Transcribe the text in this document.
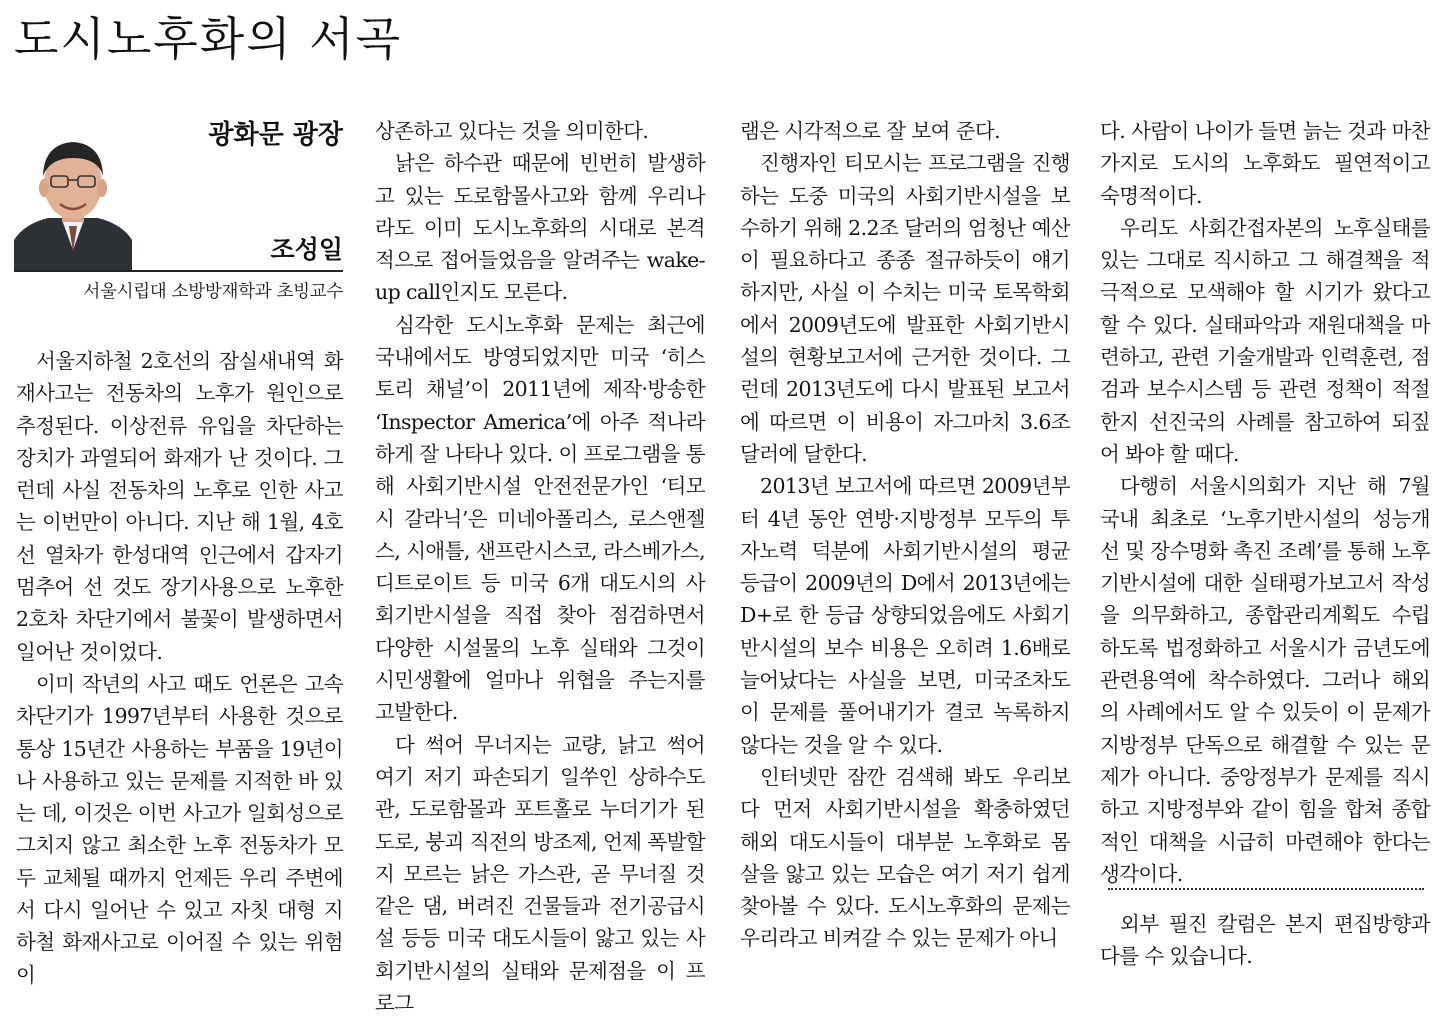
도시노후화의 서곡
광화문 광장
조성일
서울시립대 소방방재학과 초빙교수

서울지하철 2호선의 잠실새내역 화재사고는 전동차의 노후가 원인으로 추정된다. 이상전류 유입을 차단하는 장치가 과열되어 화재가 난 것이다. 그런데 사실 전동차의 노후로 인한 사고는 이번만이 아니다. 지난 해 1월, 4호선 열차가 한성대역 인근에서 갑자기 멈추어 선 것도 장기사용으로 노후한 2호차 차단기에서 불꽃이 발생하면서 일어난 것이었다.

이미 작년의 사고 때도 언론은 고속 차단기가 1997년부터 사용한 것으로 통상 15년간 사용하는 부품을 19년이나 사용하고 있는 문제를 지적한 바 있는 데, 이것은 이번 사고가 일회성으로 그치지 않고 최소한 노후 전동차가 모두 교체될 때까지 언제든 우리 주변에서 다시 일어난 수 있고 자칫 대형 지하철 화재사고로 이어질 수 있는 위험이

상존하고 있다는 것을 의미한다.

낡은 하수관 때문에 빈번히 발생하고 있는 도로함몰사고와 함께 우리나라도 이미 도시노후화의 시대로 본격적으로 접어들었음을 알려주는 wake-up call인지도 모른다.

심각한 도시노후화 문제는 최근에 국내에서도 방영되었지만 미국 ‘히스토리 채널’이 2011년에 제작·방송한 ‘Inspector America’에 아주 적나라하게 잘 나타나 있다. 이 프로그램을 통해 사회기반시설 안전전문가인 ‘티모시 갈라닉’은 미네아폴리스, 로스앤젤스, 시애틀, 샌프란시스코, 라스베가스, 디트로이트 등 미국 6개 대도시의 사회기반시설을 직접 찾아 점검하면서 다양한 시설물의 노후 실태와 그것이 시민생활에 얼마나 위협을 주는지를 고발한다.

다 썩어 무너지는 교량, 낡고 썩어 여기 저기 파손되기 일쑤인 상하수도관, 도로함몰과 포트홀로 누더기가 된 도로, 붕괴 직전의 방조제, 언제 폭발할지 모르는 낡은 가스관, 곧 무너질 것 같은 댐, 버려진 건물들과 전기공급시설 등등 미국 대도시들이 앓고 있는 사회기반시설의 실태와 문제점을 이 프로그

램은 시각적으로 잘 보여 준다.

진행자인 티모시는 프로그램을 진행하는 도중 미국의 사회기반시설을 보수하기 위해 2.2조 달러의 엄청난 예산이 필요하다고 종종 절규하듯이 얘기하지만, 사실 이 수치는 미국 토목학회에서 2009년도에 발표한 사회기반시설의 현황보고서에 근거한 것이다. 그런데 2013년도에 다시 발표된 보고서에 따르면 이 비용이 자그마치 3.6조 달러에 달한다.

2013년 보고서에 따르면 2009년부터 4년 동안 연방·지방정부 모두의 투자노력 덕분에 사회기반시설의 평균 등급이 2009년의 D에서 2013년에는 D+로 한 등급 상향되었음에도 사회기반시설의 보수 비용은 오히려 1.6배로 늘어났다는 사실을 보면, 미국조차도 이 문제를 풀어내기가 결코 녹록하지 않다는 것을 알 수 있다.

인터넷만 잠깐 검색해 봐도 우리보다 먼저 사회기반시설을 확충하였던 해외 대도시들이 대부분 노후화로 몸살을 앓고 있는 모습은 여기 저기 쉽게 찾아볼 수 있다. 도시노후화의 문제는 우리라고 비켜갈 수 있는 문제가 아니

다. 사람이 나이가 들면 늙는 것과 마찬가지로 도시의 노후화도 필연적이고 숙명적이다.

우리도 사회간접자본의 노후실태를 있는 그대로 직시하고 그 해결책을 적극적으로 모색해야 할 시기가 왔다고 할 수 있다. 실태파악과 재원대책을 마련하고, 관련 기술개발과 인력훈련, 점검과 보수시스템 등 관련 정책이 적절한지 선진국의 사례를 참고하여 되짚어 봐야 할 때다.

다행히 서울시의회가 지난 해 7월 국내 최초로 ‘노후기반시설의 성능개선 및 장수명화 촉진 조례’를 통해 노후기반시설에 대한 실태평가보고서 작성을 의무화하고, 종합관리계획도 수립하도록 법정화하고 서울시가 금년도에 관련용역에 착수하였다. 그러나 해외의 사례에서도 알 수 있듯이 이 문제가 지방정부 단독으로 해결할 수 있는 문제가 아니다. 중앙정부가 문제를 직시하고 지방정부와 같이 힘을 합쳐 종합적인 대책을 시급히 마련해야 한다는 생각이다.

외부 필진 칼럼은 본지 편집방향과 다를 수 있습니다.
